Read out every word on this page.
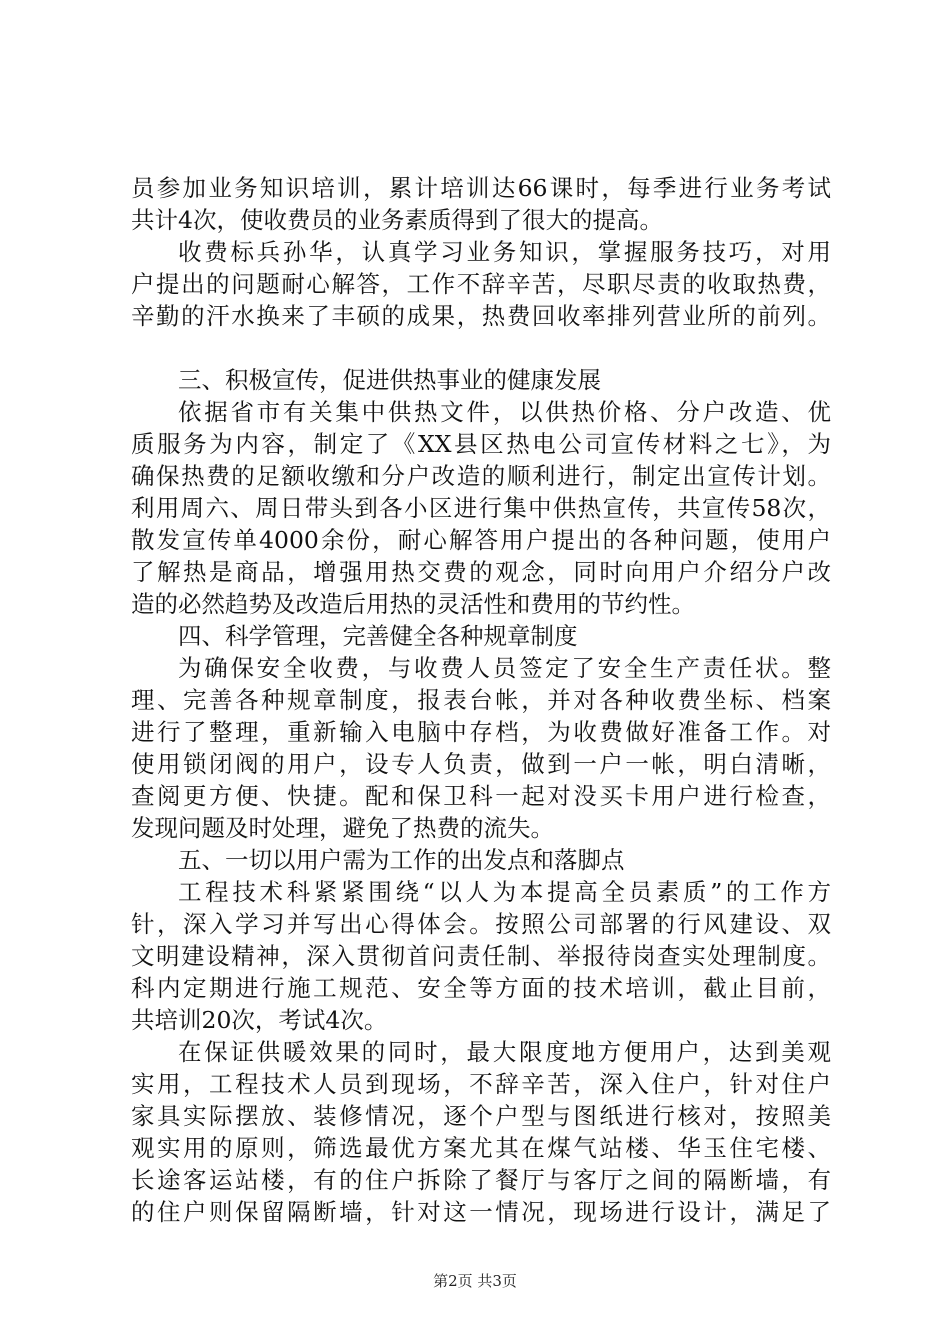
员参加业务知识培训，累计培训达66课时，每季进行业务考试
共计4次，使收费员的业务素质得到了很大的提高。
收费标兵孙华，认真学习业务知识，掌握服务技巧，对用
户提出的问题耐心解答，工作不辞辛苦，尽职尽责的收取热费，
辛勤的汗水换来了丰硕的成果，热费回收率排列营业所的前列。
三、积极宣传，促进供热事业的健康发展
依据省市有关集中供热文件，以供热价格、分户改造、优
质服务为内容，制定了《XX县区热电公司宣传材料之七》，为
确保热费的足额收缴和分户改造的顺利进行，制定出宣传计划。
利用周六、周日带头到各小区进行集中供热宣传，共宣传58次，
散发宣传单4000余份，耐心解答用户提出的各种问题，使用户
了解热是商品，增强用热交费的观念，同时向用户介绍分户改
造的必然趋势及改造后用热的灵活性和费用的节约性。
四、科学管理，完善健全各种规章制度
为确保安全收费，与收费人员签定了安全生产责任状。整
理、完善各种规章制度，报表台帐，并对各种收费坐标、档案
进行了整理，重新输入电脑中存档，为收费做好准备工作。对
使用锁闭阀的用户，设专人负责，做到一户一帐，明白清晰，
查阅更方便、快捷。配和保卫科一起对没买卡用户进行检查，
发现问题及时处理，避免了热费的流失。
五、一切以用户需为工作的出发点和落脚点
工程技术科紧紧围绕“以人为本提高全员素质”的工作方
针，深入学习并写出心得体会。按照公司部署的行风建设、双
文明建设精神，深入贯彻首问责任制、举报待岗查实处理制度。
科内定期进行施工规范、安全等方面的技术培训，截止目前，
共培训20次，考试4次。
在保证供暖效果的同时，最大限度地方便用户，达到美观
实用，工程技术人员到现场，不辞辛苦，深入住户，针对住户
家具实际摆放、装修情况，逐个户型与图纸进行核对，按照美
观实用的原则，筛选最优方案尤其在煤气站楼、华玉住宅楼、
长途客运站楼，有的住户拆除了餐厅与客厅之间的隔断墙，有
的住户则保留隔断墙，针对这一情况，现场进行设计，满足了
第2页 共3页
